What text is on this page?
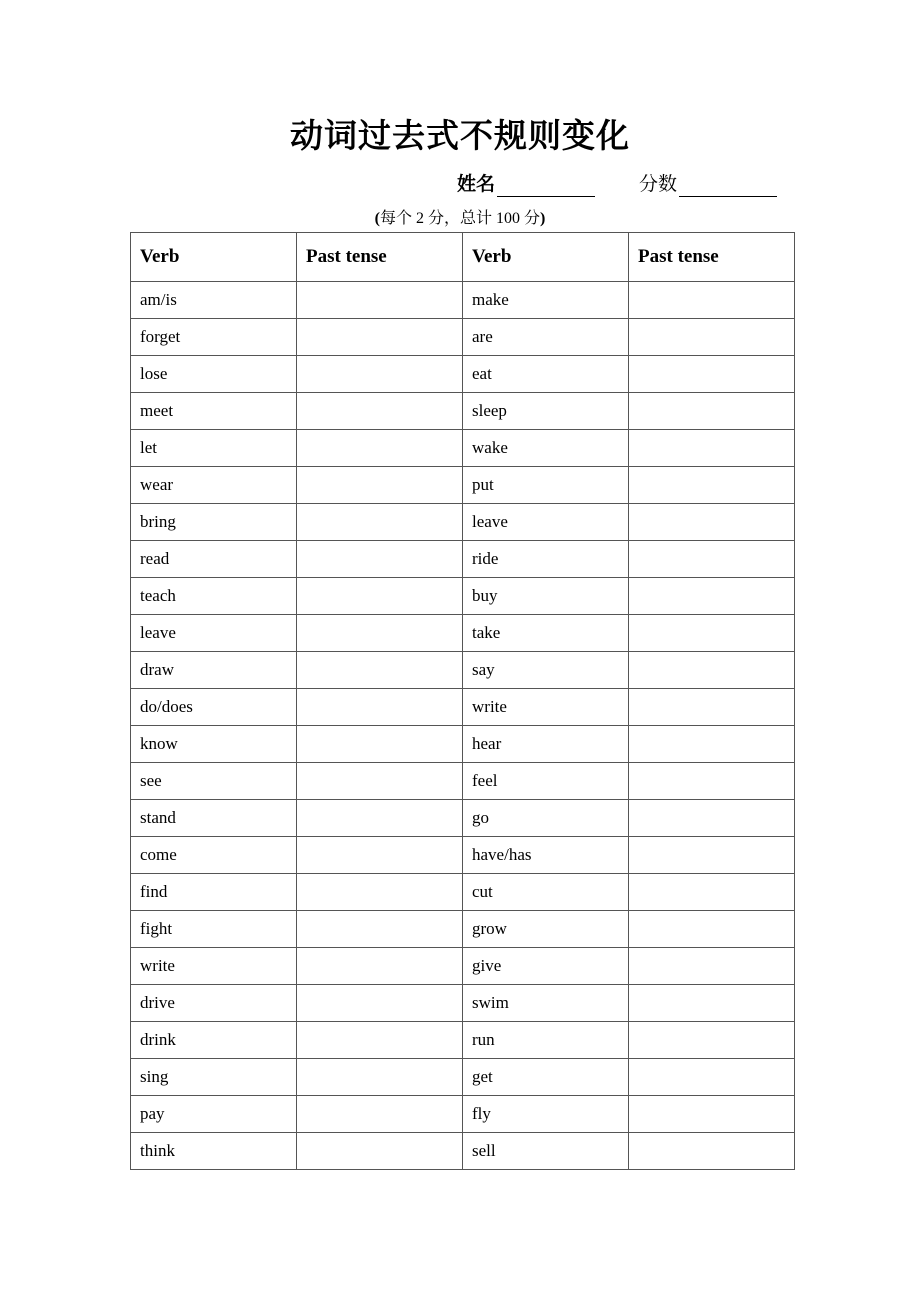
动词过去式不规则变化
姓名	分数
(每个 2 分，总计 100 分)
Verb	Past tense	Verb	Past tense
am/is		make	
forget		are	
lose		eat	
meet		sleep	
let		wake	
wear		put	
bring		leave	
read		ride	
teach		buy	
leave		take	
draw		say	
do/does		write	
know		hear	
see		feel	
stand		go	
come		have/has	
find		cut	
fight		grow	
write		give	
drive		swim	
drink		run	
sing		get	
pay		fly	
think		sell	
